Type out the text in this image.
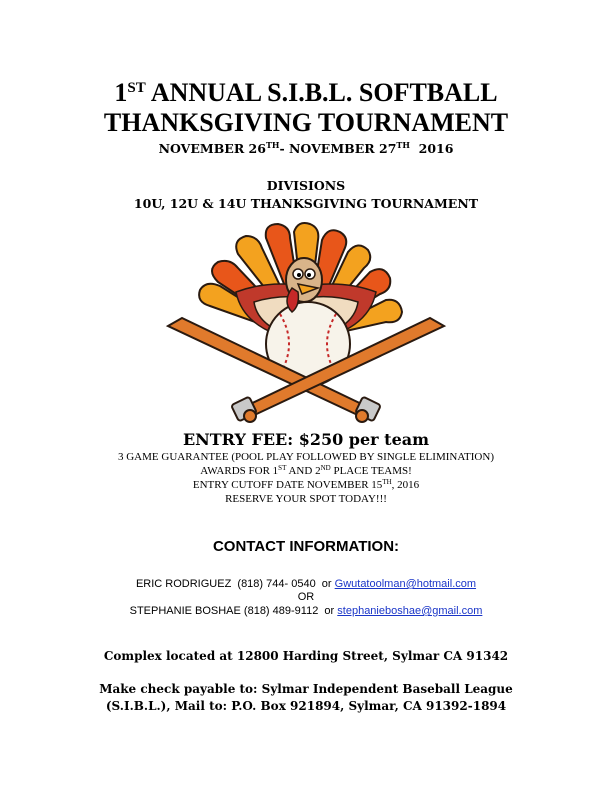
1ST ANNUAL S.I.B.L. SOFTBALL
THANKSGIVING TOURNAMENT
NOVEMBER 26TH- NOVEMBER 27TH  2016
DIVISIONS
10U, 12U & 14U THANKSGIVING TOURNAMENT
ENTRY FEE: $250 per team
3 GAME GUARANTEE (POOL PLAY FOLLOWED BY SINGLE ELIMINATION)
AWARDS FOR 1ST AND 2ND PLACE TEAMS!
ENTRY CUTOFF DATE NOVEMBER 15TH, 2016
RESERVE YOUR SPOT TODAY!!!
CONTACT INFORMATION:
ERIC RODRIGUEZ  (818) 744- 0540  or Gwutatoolman@hotmail.com
OR
STEPHANIE BOSHAE (818) 489-9112  or stephanieboshae@gmail.com
Complex located at 12800 Harding Street, Sylmar CA 91342
Make check payable to: Sylmar Independent Baseball League
(S.I.B.L.), Mail to: P.O. Box 921894, Sylmar, CA 91392-1894
